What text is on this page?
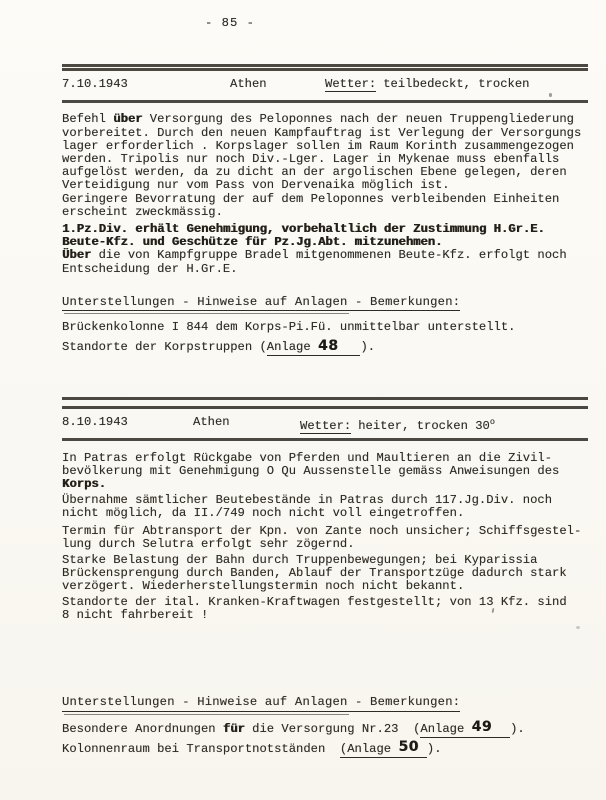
- 85 -
7.10.1943	Athen	Wetter: teilbedeckt, trocken
Befehl über Versorgung des Peloponnes nach der neuen Truppengliederung
vorbereitet. Durch den neuen Kampfauftrag ist Verlegung der Versorgungs
lager erforderlich . Korpslager sollen im Raum Korinth zusammengezogen
werden. Tripolis nur noch Div.-Lger. Lager in Mykenae muss ebenfalls
aufgelöst werden, da zu dicht an der argolischen Ebene gelegen, deren
Verteidigung nur vom Pass von Dervenaika möglich ist.
Geringere Bevorratung der auf dem Peloponnes verbleibenden Einheiten
erscheint zweckmässig.
1.Pz.Div. erhält Genehmigung, vorbehaltlich der Zustimmung H.Gr.E.
Beute-Kfz. und Geschütze für Pz.Jg.Abt. mitzunehmen.
Über die von Kampfgruppe Bradel mitgenommenen Beute-Kfz. erfolgt noch
Entscheidung der H.Gr.E.
Unterstellungen - Hinweise auf Anlagen - Bemerkungen:
Brückenkolonne I 844 dem Korps-Pi.Fü. unmittelbar unterstellt.
Standorte der Korpstruppen (Anlage 48 ).
8.10.1943	Athen	Wetter: heiter, trocken 30$^o$
In Patras erfolgt Rückgabe von Pferden und Maultieren an die Zivil-
bevölkerung mit Genehmigung O Qu Aussenstelle gemäss Anweisungen des
Korps.
Übernahme sämtlicher Beutebestände in Patras durch 117.Jg.Div. noch
nicht möglich, da II./749 noch nicht voll eingetroffen.
Termin für Abtransport der Kpn. von Zante noch unsicher; Schiffsgestel-
lung durch Selutra erfolgt sehr zögernd.
Starke Belastung der Bahn durch Truppenbewegungen; bei Kyparissia
Brückensprengung durch Banden, Ablauf der Transportzüge dadurch stark
verzögert. Wiederherstellungstermin noch nicht bekannt.
Standorte der ital. Kranken-Kraftwagen festgestellt; von 13 Kfz. sind
8 nicht fahrbereit !
Unterstellungen - Hinweise auf Anlagen - Bemerkungen:
Besondere Anordnungen für die Versorgung Nr.23  (Anlage 49 ).
Kolonnenraum bei Transportnotständen  (Anlage 50 ).
